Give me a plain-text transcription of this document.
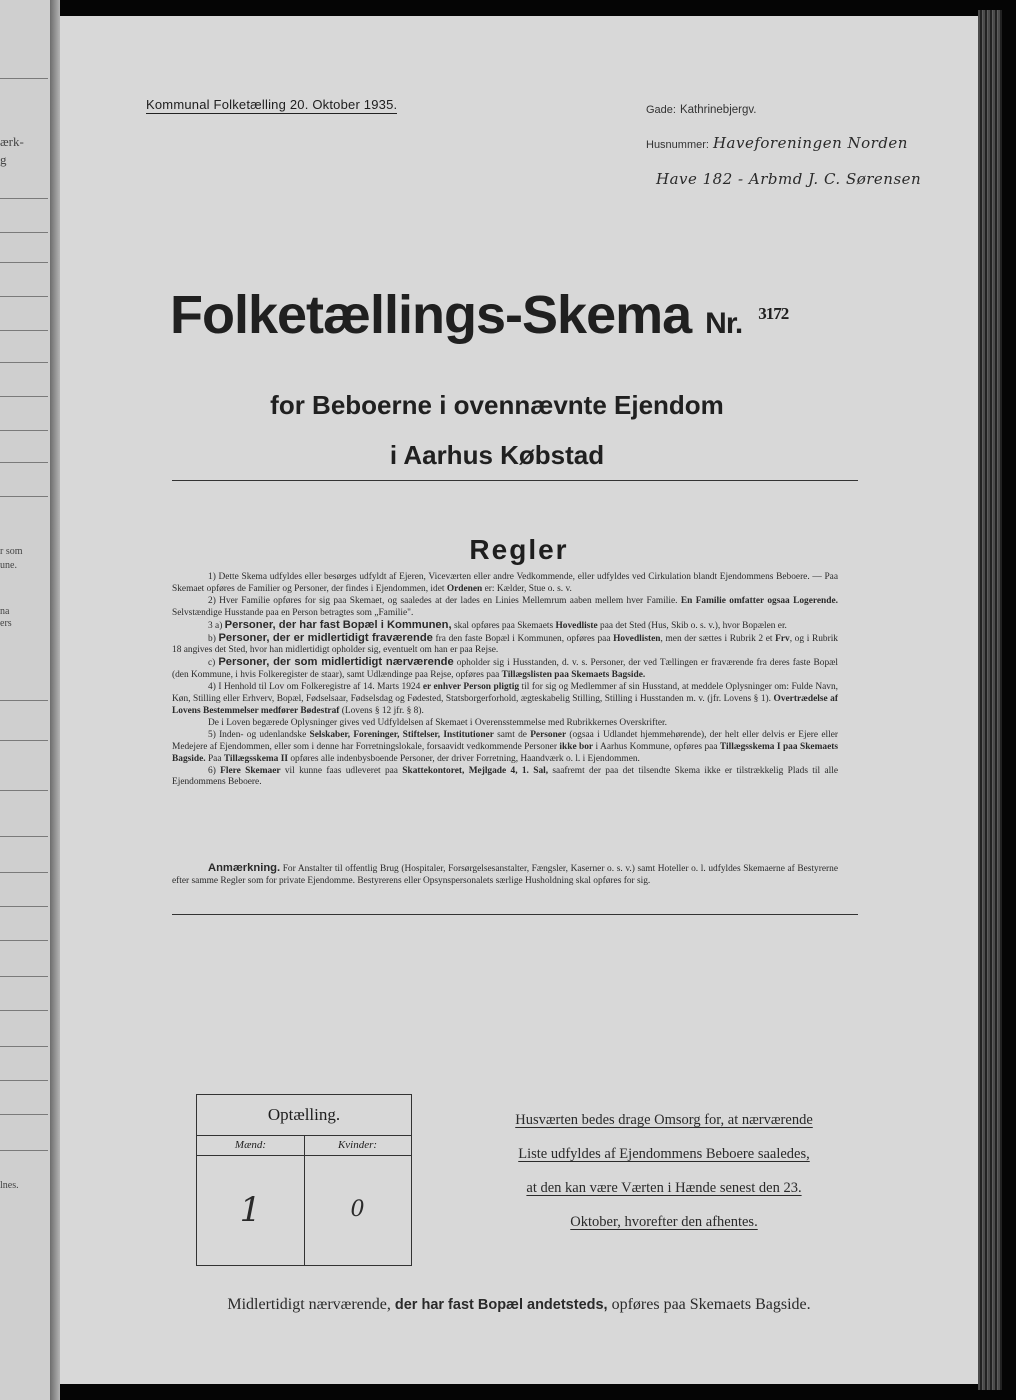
ærk-
g
r som
une.
na
ers
lnes.
Kommunal Folketælling 20. Oktober 1935.	Gade: Kathrinebjergv.
Husnummer: Haveforeningen Norden
Have 182 - Arbmd J. C. Sørensen
Folketællings-Skema Nr. $^{3172}$
for Beboerne i ovennævnte Ejendom
i Aarhus Købstad
Regler

1) Dette Skema udfyldes eller besørges udfyldt af Ejeren, Viceværten eller andre Vedkommende, eller udfyldes ved Cirkulation blandt Ejendommens Beboere. — Paa Skemaet opføres de Familier og Personer, der findes i Ejendommen, idet Ordenen er: Kælder, Stue o. s. v.

2) Hver Familie opføres for sig paa Skemaet, og saaledes at der lades en Linies Mellemrum aaben mellem hver Familie. En Familie omfatter ogsaa Logerende. Selvstændige Husstande paa en Person betragtes som „Familie".

3 a) Personer, der har fast Bopæl i Kommunen, skal opføres paa Skemaets Hovedliste paa det Sted (Hus, Skib o. s. v.), hvor Bopælen er.

b) Personer, der er midlertidigt fraværende fra den faste Bopæl i Kommunen, opføres paa Hovedlisten, men der sættes i Rubrik 2 et Frv, og i Rubrik 18 angives det Sted, hvor han midlertidigt opholder sig, eventuelt om han er paa Rejse.

c) Personer, der som midlertidigt nærværende opholder sig i Husstanden, d. v. s. Personer, der ved Tællingen er fraværende fra deres faste Bopæl (den Kommune, i hvis Folkeregister de staar), samt Udlændinge paa Rejse, opføres paa Tillægslisten paa Skemaets Bagside.

4) I Henhold til Lov om Folkeregistre af 14. Marts 1924 er enhver Person pligtig til for sig og Medlemmer af sin Husstand, at meddele Oplysninger om: Fulde Navn, Køn, Stilling eller Erhverv, Bopæl, Fødselsaar, Fødselsdag og Fødested, Statsborgerforhold, ægteskabelig Stilling, Stilling i Husstanden m. v. (jfr. Lovens § 1). Overtrædelse af Lovens Bestemmelser medfører Bødestraf (Lovens § 12 jfr. § 8).

De i Loven begærede Oplysninger gives ved Udfyldelsen af Skemaet i Overensstemmelse med Rubrikkernes Overskrifter.

5) Inden- og udenlandske Selskaber, Foreninger, Stiftelser, Institutioner samt de Personer (ogsaa i Udlandet hjemmehørende), der helt eller delvis er Ejere eller Medejere af Ejendommen, eller som i denne har Forretningslokale, forsaavidt vedkommende Personer ikke bor i Aarhus Kommune, opføres paa Tillægsskema I paa Skemaets Bagside. Paa Tillægsskema II opføres alle indenbysboende Personer, der driver Forretning, Haandværk o. l. i Ejendommen.

6) Flere Skemaer vil kunne faas udleveret paa Skattekontoret, Mejlgade 4, 1. Sal, saafremt der paa det tilsendte Skema ikke er tilstrækkelig Plads til alle Ejendommens Beboere.

Anmærkning. For Anstalter til offentlig Brug (Hospitaler, Forsørgelsesanstalter, Fængsler, Kaserner o. s. v.) samt Hoteller o. l. udfyldes Skemaerne af Bestyrerne efter samme Regler som for private Ejendomme. Bestyrerens eller Opsynspersonalets særlige Husholdning skal opføres for sig.

Optælling.
Mænd:
1
Kvinder:
0
Husværten bedes drage Omsorg for, at nærværende
Liste udfyldes af Ejendommens Beboere saaledes,
at den kan være Værten i Hænde senest den 23.
Oktober, hvorefter den afhentes.
Midlertidigt nærværende, der har fast Bopæl andetsteds, opføres paa Skemaets Bagside.
